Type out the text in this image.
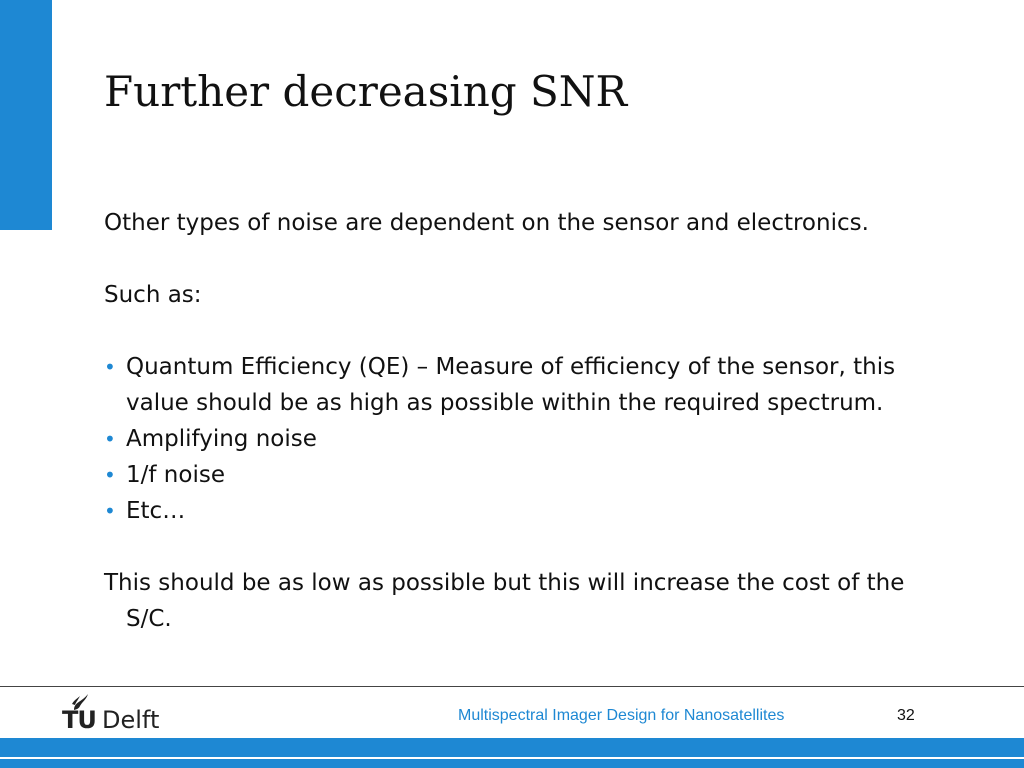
Further decreasing SNR

Other types of noise are dependent on the sensor and electronics.

Such as:

• Quantum Efficiency (QE) – Measure of efficiency of the sensor, this value should be as high as possible within the required spectrum.
• Amplifying noise
• 1/f noise
• Etc…

This should be as low as possible but this will increase the cost of the S/C.

TU Delft	Multispectral Imager Design for Nanosatellites	32
